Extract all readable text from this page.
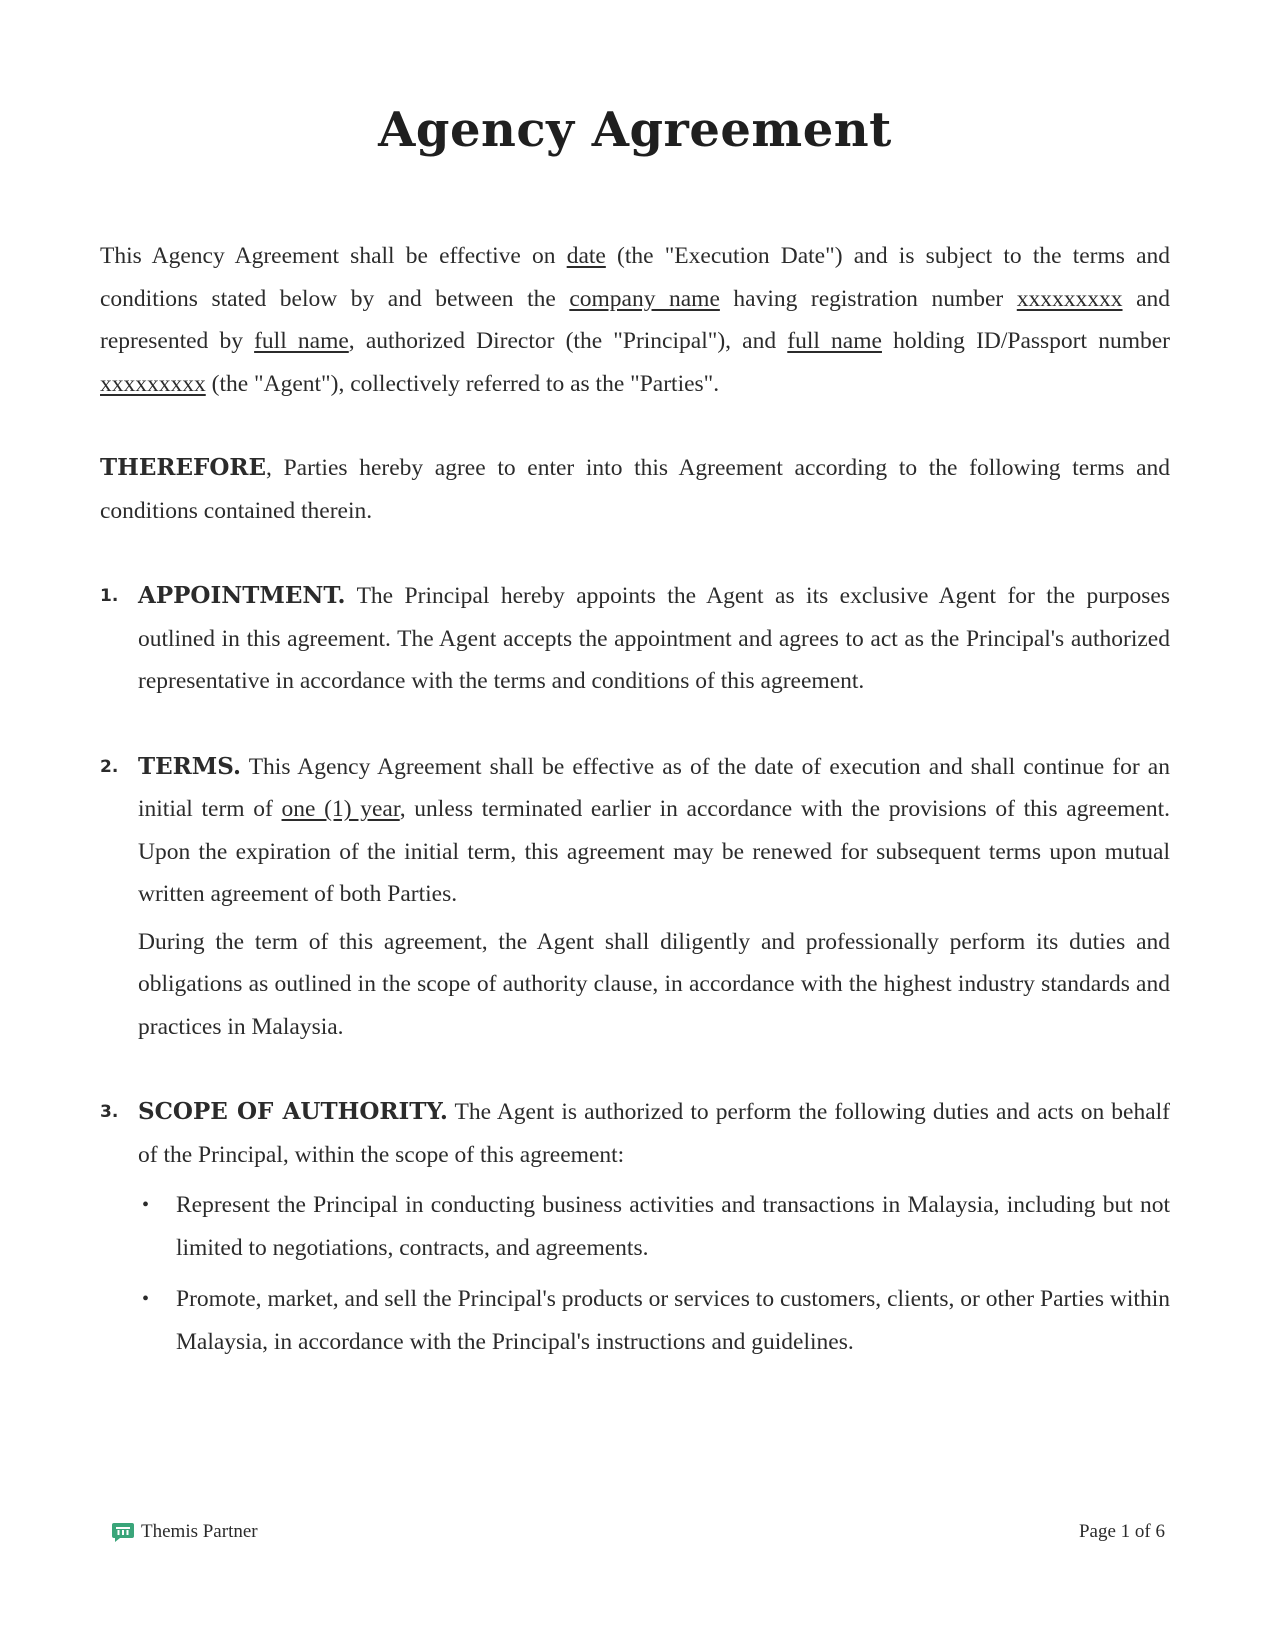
Agency Agreement

This Agency Agreement shall be effective on date (the "Execution Date") and is subject to the terms and conditions stated below by and between the company name having registration number xxxxxxxxx and represented by full name, authorized Director (the "Principal"), and full name holding ID/Passport number xxxxxxxxx (the "Agent"), collectively referred to as the "Parties".

THEREFORE, Parties hereby agree to enter into this Agreement according to the following terms and conditions contained therein.

1. APPOINTMENT. The Principal hereby appoints the Agent as its exclusive Agent for the purposes outlined in this agreement. The Agent accepts the appointment and agrees to act as the Principal's authorized representative in accordance with the terms and conditions of this agreement.

2. TERMS. This Agency Agreement shall be effective as of the date of execution and shall continue for an initial term of one (1) year, unless terminated earlier in accordance with the provisions of this agreement. Upon the expiration of the initial term, this agreement may be renewed for subsequent terms upon mutual written agreement of both Parties.

During the term of this agreement, the Agent shall diligently and professionally perform its duties and obligations as outlined in the scope of authority clause, in accordance with the highest industry standards and practices in Malaysia.

3. SCOPE OF AUTHORITY. The Agent is authorized to perform the following duties and acts on behalf of the Principal, within the scope of this agreement:

• Represent the Principal in conducting business activities and transactions in Malaysia, including but not limited to negotiations, contracts, and agreements.
• Promote, market, and sell the Principal's products or services to customers, clients, or other Parties within Malaysia, in accordance with the Principal's instructions and guidelines.
Themis Partner	Page 1 of 6
